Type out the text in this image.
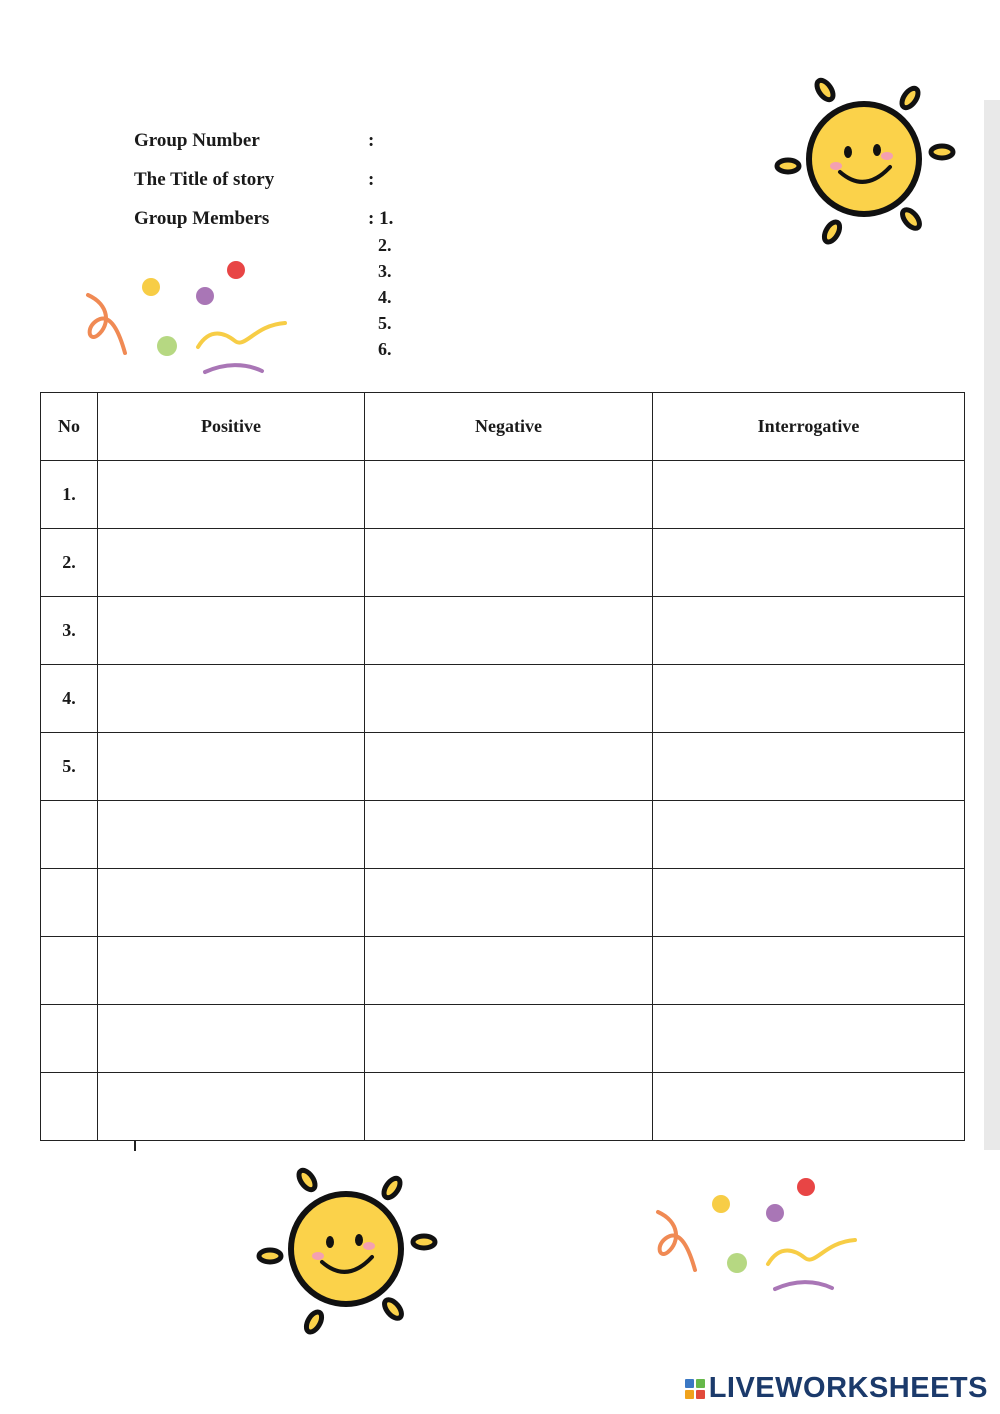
Group Number	:
The Title of story	:
Group Members	: 1.
2.
3.
4.
5.
6.
No	Positive	Negative	Interrogative
1.			
2.			
3.			
4.			
5.			

LIVEWORKSHEETS
